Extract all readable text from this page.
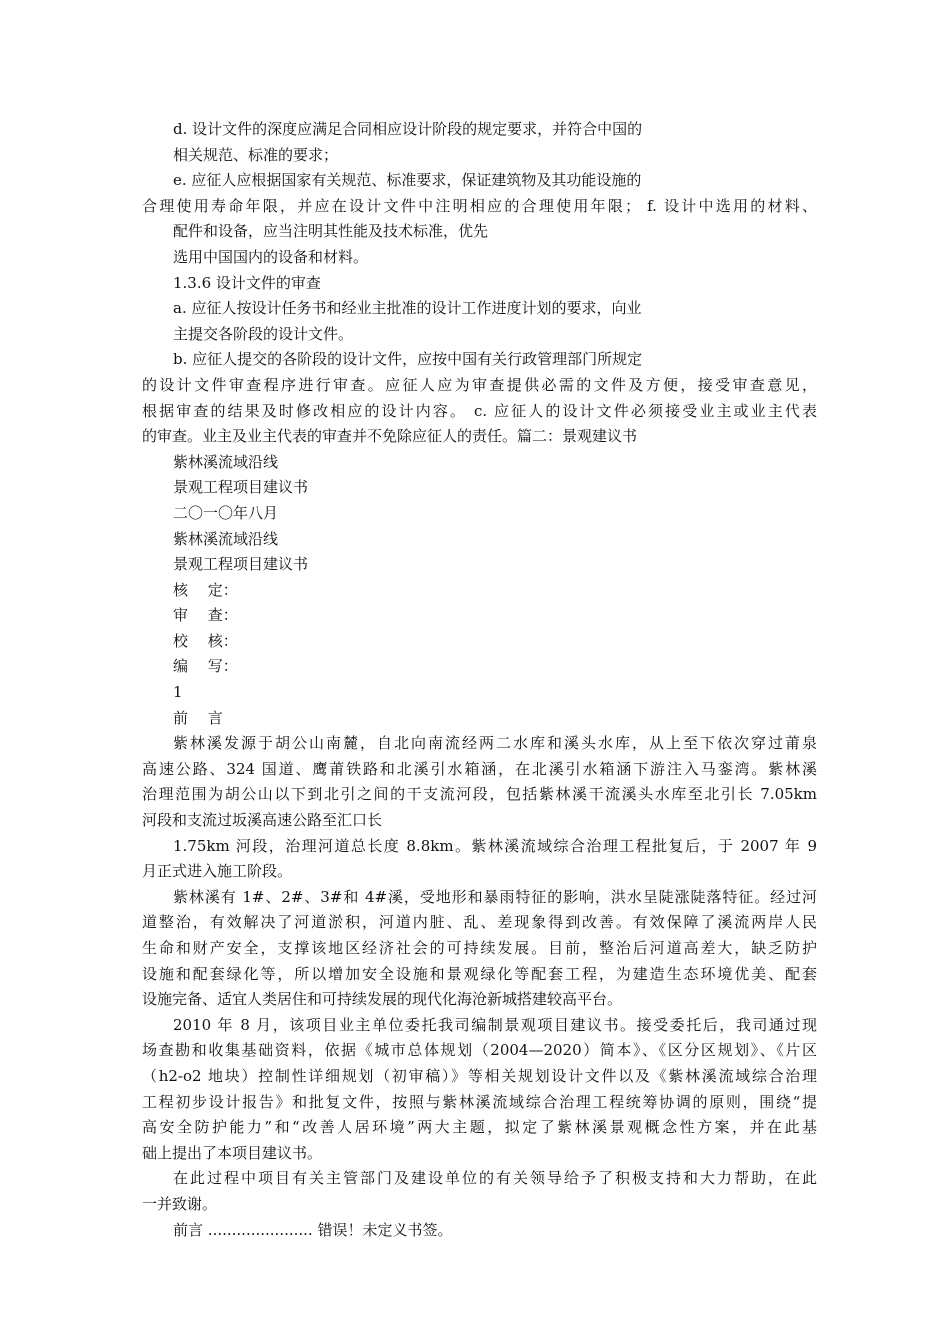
d. 设计文件的深度应满足合同相应设计阶段的规定要求，并符合中国的
相关规范、标准的要求；
e. 应征人应根据国家有关规范、标准要求，保证建筑物及其功能设施的
合理使用寿命年限，并应在设计文件中注明相应的合理使用年限； f. 设计中选用的材料、
配件和设备，应当注明其性能及技术标准，优先
选用中国国内的设备和材料。
1.3.6 设计文件的审查
a. 应征人按设计任务书和经业主批准的设计工作进度计划的要求，向业
主提交各阶段的设计文件。
b. 应征人提交的各阶段的设计文件，应按中国有关行政管理部门所规定
的设计文件审查程序进行审查。应征人应为审查提供必需的文件及方便，接受审查意见，
根据审查的结果及时修改相应的设计内容。 c. 应征人的设计文件必须接受业主或业主代表
的审查。业主及业主代表的审查并不免除应征人的责任。篇二：景观建议书
紫林溪流域沿线
景观工程项目建议书
二〇一〇年八月
紫林溪流域沿线
景观工程项目建议书
核　 定：
审　 查：
校　 核：
编　 写：
1
前　 言
紫林溪发源于胡公山南麓，自北向南流经两二水库和溪头水库，从上至下依次穿过莆泉
高速公路、324 国道、鹰莆铁路和北溪引水箱涵，在北溪引水箱涵下游注入马銮湾。紫林溪
治理范围为胡公山以下到北引之间的干支流河段，包括紫林溪干流溪头水库至北引长 7.05km
河段和支流过坂溪高速公路至汇口长
1.75km 河段，治理河道总长度 8.8km。紫林溪流域综合治理工程批复后，于 2007 年 9
月正式进入施工阶段。
紫林溪有 1#、2#、3#和 4#溪，受地形和暴雨特征的影响，洪水呈陡涨陡落特征。经过河
道整治，有效解决了河道淤积，河道内脏、乱、差现象得到改善。有效保障了溪流两岸人民
生命和财产安全，支撑该地区经济社会的可持续发展。目前，整治后河道高差大，缺乏防护
设施和配套绿化等，所以增加安全设施和景观绿化等配套工程，为建造生态环境优美、配套
设施完备、适宜人类居住和可持续发展的现代化海沧新城搭建较高平台。
2010 年 8 月，该项目业主单位委托我司编制景观项目建议书。接受委托后，我司通过现
场查勘和收集基础资料，依据《城市总体规划（2004—2020）简本》、《区分区规划》、《片区
（h2-o2 地块）控制性详细规划（初审稿）》等相关规划设计文件以及《紫林溪流域综合治理
工程初步设计报告》和批复文件，按照与紫林溪流域综合治理工程统筹协调的原则，围绕“提
高安全防护能力”和“改善人居环境”两大主题，拟定了紫林溪景观概念性方案，并在此基
础上提出了本项目建议书。
在此过程中项目有关主管部门及建设单位的有关领导给予了积极支持和大力帮助，在此
一并致谢。
前言 ...................... 错误！未定义书签。
